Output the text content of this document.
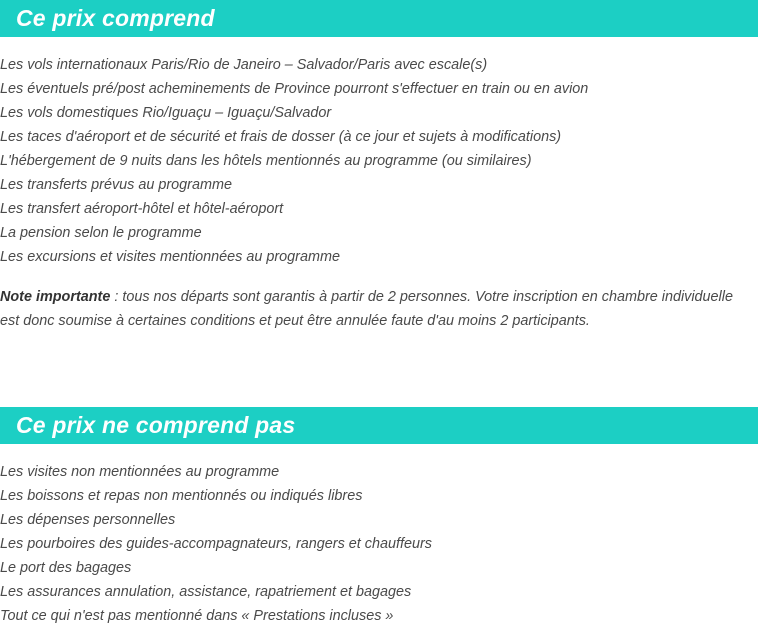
Ce prix comprend
Les vols internationaux Paris/Rio de Janeiro – Salvador/Paris avec escale(s)
Les éventuels pré/post acheminements de Province pourront s'effectuer en train ou en avion
Les vols domestiques Rio/Iguaçu – Iguaçu/Salvador
Les taces d'aéroport et de sécurité et frais de dosser (à ce jour et sujets à modifications)
L'hébergement de 9 nuits dans les hôtels mentionnés au programme (ou similaires)
Les transferts prévus au programme
Les transfert aéroport-hôtel et hôtel-aéroport
La pension selon le programme
Les excursions et visites mentionnées au programme

Note importante : tous nos départs sont garantis à partir de 2 personnes. Votre inscription en chambre individuelle est donc soumise à certaines conditions et peut être annulée faute d'au moins 2 participants.

Ce prix ne comprend pas
Les visites non mentionnées au programme
Les boissons et repas non mentionnés ou indiqués libres
Les dépenses personnelles
Les pourboires des guides-accompagnateurs, rangers et chauffeurs
Le port des bagages
Les assurances annulation, assistance, rapatriement et bagages
Tout ce qui n'est pas mentionné dans « Prestations incluses »
